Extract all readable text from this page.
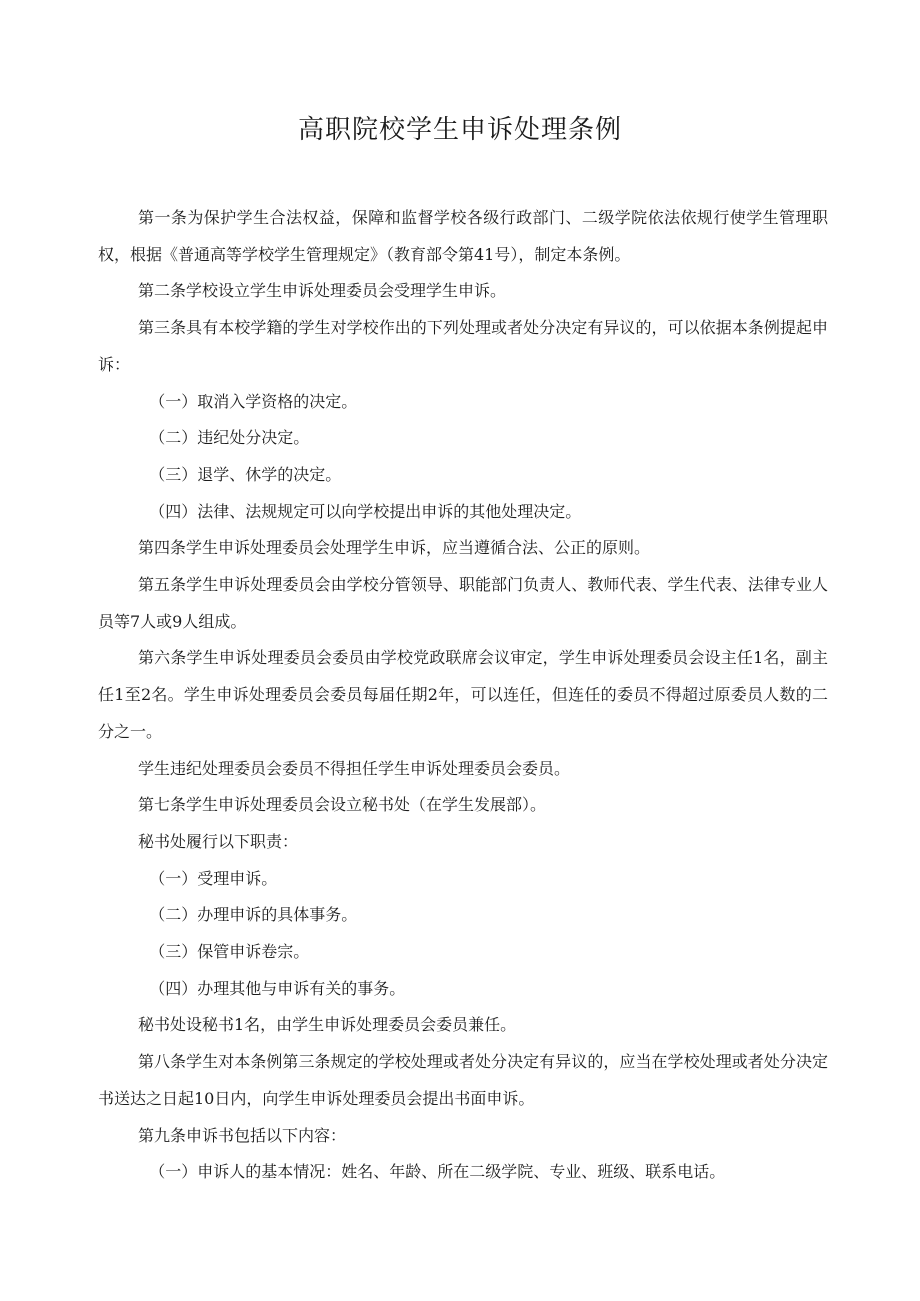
高职院校学生申诉处理条例

第一条为保护学生合法权益，保障和监督学校各级行政部门、二级学院依法依规行使学生管理职权，根据《普通高等学校学生管理规定》（教育部令第41号），制定本条例。

第二条学校设立学生申诉处理委员会受理学生申诉。

第三条具有本校学籍的学生对学校作出的下列处理或者处分决定有异议的，可以依据本条例提起申诉：

（一）取消入学资格的决定。

（二）违纪处分决定。

（三）退学、休学的决定。

（四）法律、法规规定可以向学校提出申诉的其他处理决定。

第四条学生申诉处理委员会处理学生申诉，应当遵循合法、公正的原则。

第五条学生申诉处理委员会由学校分管领导、职能部门负责人、教师代表、学生代表、法律专业人员等7人或9人组成。

第六条学生申诉处理委员会委员由学校党政联席会议审定，学生申诉处理委员会设主任1名，副主任1至2名。学生申诉处理委员会委员每届任期2年，可以连任，但连任的委员不得超过原委员人数的二分之一。

学生违纪处理委员会委员不得担任学生申诉处理委员会委员。

第七条学生申诉处理委员会设立秘书处（在学生发展部）。

秘书处履行以下职责：

（一）受理申诉。

（二）办理申诉的具体事务。

（三）保管申诉卷宗。

（四）办理其他与申诉有关的事务。

秘书处设秘书1名，由学生申诉处理委员会委员兼任。

第八条学生对本条例第三条规定的学校处理或者处分决定有异议的，应当在学校处理或者处分决定书送达之日起10日内，向学生申诉处理委员会提出书面申诉。

第九条申诉书包括以下内容：

（一）申诉人的基本情况：姓名、年龄、所在二级学院、专业、班级、联系电话。
